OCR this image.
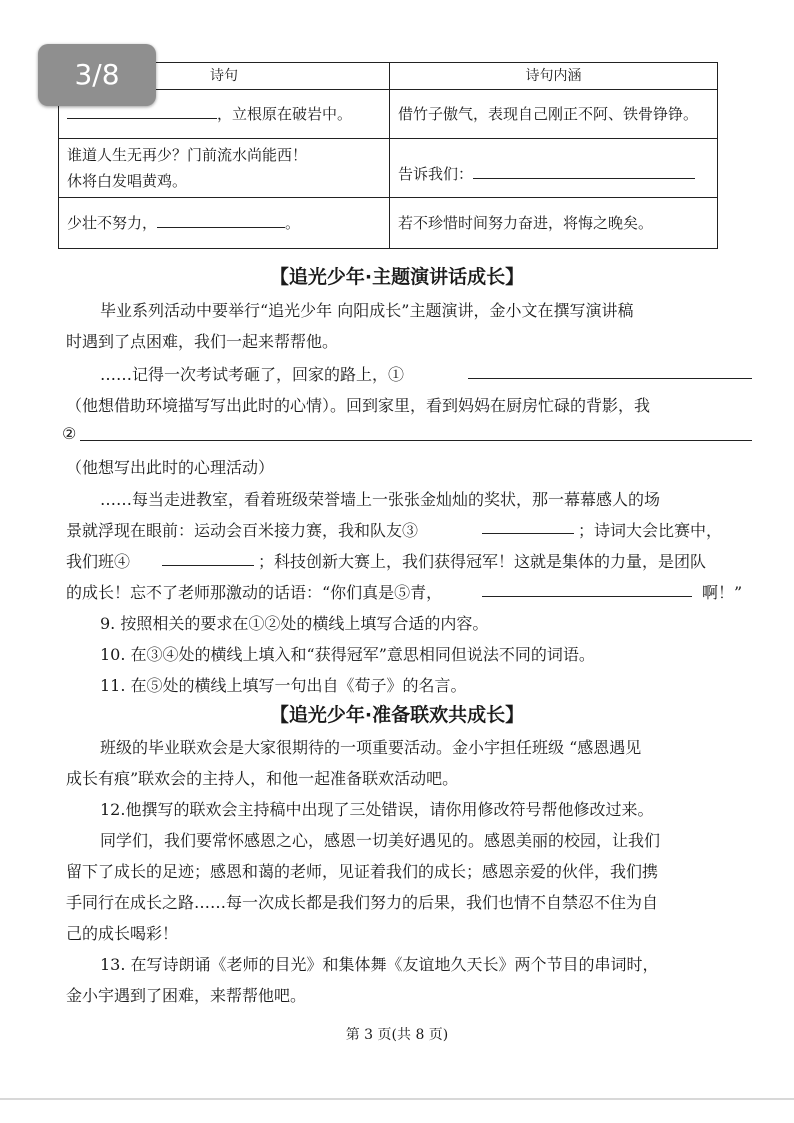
3/8	诗句	诗句内涵
，立根原在破岩中。	借竹子傲气，表现自己刚正不阿、铁骨铮铮。

谁道人生无再少？门前流水尚能西！
休将白发唱黄鸡。	告诉我们：
少壮不努力， 。	若不珍惜时间努力奋进，将悔之晚矣。
【追光少年·主题演讲话成长】
毕业系列活动中要举行“追光少年 向阳成长”主题演讲，金小文在撰写演讲稿
时遇到了点困难，我们一起来帮帮他。
……记得一次考试考砸了，回家的路上，①
（他想借助环境描写写出此时的心情）。回到家里，看到妈妈在厨房忙碌的背影，我
②
（他想写出此时的心理活动）
……每当走进教室，看着班级荣誉墙上一张张金灿灿的奖状，那一幕幕感人的场
景就浮现在眼前：运动会百米接力赛，我和队友③	；诗词大会比赛中，
我们班④	；科技创新大赛上，我们获得冠军！这就是集体的力量，是团队
的成长！忘不了老师那激动的话语：“你们真是⑤青，	啊！”
9. 按照相关的要求在①②处的横线上填写合适的内容。
10. 在③④处的横线上填入和“获得冠军”意思相同但说法不同的词语。
11. 在⑤处的横线上填写一句出自《荀子》的名言。
【追光少年·准备联欢共成长】
班级的毕业联欢会是大家很期待的一项重要活动。金小宇担任班级 “感恩遇见
成长有痕”联欢会的主持人，和他一起准备联欢活动吧。
12.他撰写的联欢会主持稿中出现了三处错误，请你用修改符号帮他修改过来。
同学们，我们要常怀感恩之心，感恩一切美好遇见的。感恩美丽的校园，让我们
留下了成长的足迹；感恩和蔼的老师，见证着我们的成长；感恩亲爱的伙伴，我们携
手同行在成长之路……每一次成长都是我们努力的后果，我们也情不自禁忍不住为自
己的成长喝彩！
13. 在写诗朗诵《老师的目光》和集体舞《友谊地久天长》两个节目的串词时，
金小宇遇到了困难，来帮帮他吧。
第 3 页(共 8 页)
